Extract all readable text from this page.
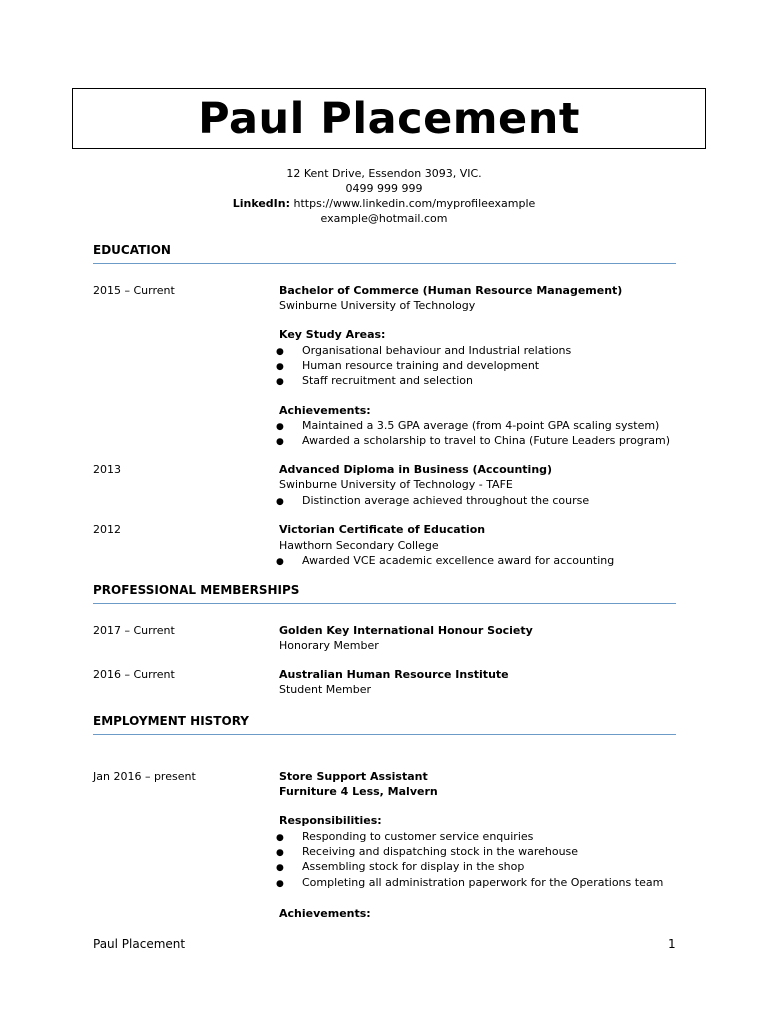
Paul Placement
12 Kent Drive, Essendon 3093, VIC.
0499 999 999
LinkedIn: https://www.linkedin.com/myprofileexample
example@hotmail.com
EDUCATION
2015 – Current	Bachelor of Commerce (Human Resource Management)
Swinburne University of Technology
Key Study Areas:
● Organisational behaviour and Industrial relations
● Human resource training and development
● Staff recruitment and selection
Achievements:
● Maintained a 3.5 GPA average (from 4-point GPA scaling system)
● Awarded a scholarship to travel to China (Future Leaders program)
2013	Advanced Diploma in Business (Accounting)
Swinburne University of Technology - TAFE
● Distinction average achieved throughout the course
2012	Victorian Certificate of Education
Hawthorn Secondary College
● Awarded VCE academic excellence award for accounting
PROFESSIONAL MEMBERSHIPS
2017 – Current	Golden Key International Honour Society
Honorary Member
2016 – Current	Australian Human Resource Institute
Student Member
EMPLOYMENT HISTORY
Jan 2016 – present	Store Support Assistant
Furniture 4 Less, Malvern
Responsibilities:
● Responding to customer service enquiries
● Receiving and dispatching stock in the warehouse
● Assembling stock for display in the shop
● Completing all administration paperwork for the Operations team
Achievements:
Paul Placement	1
